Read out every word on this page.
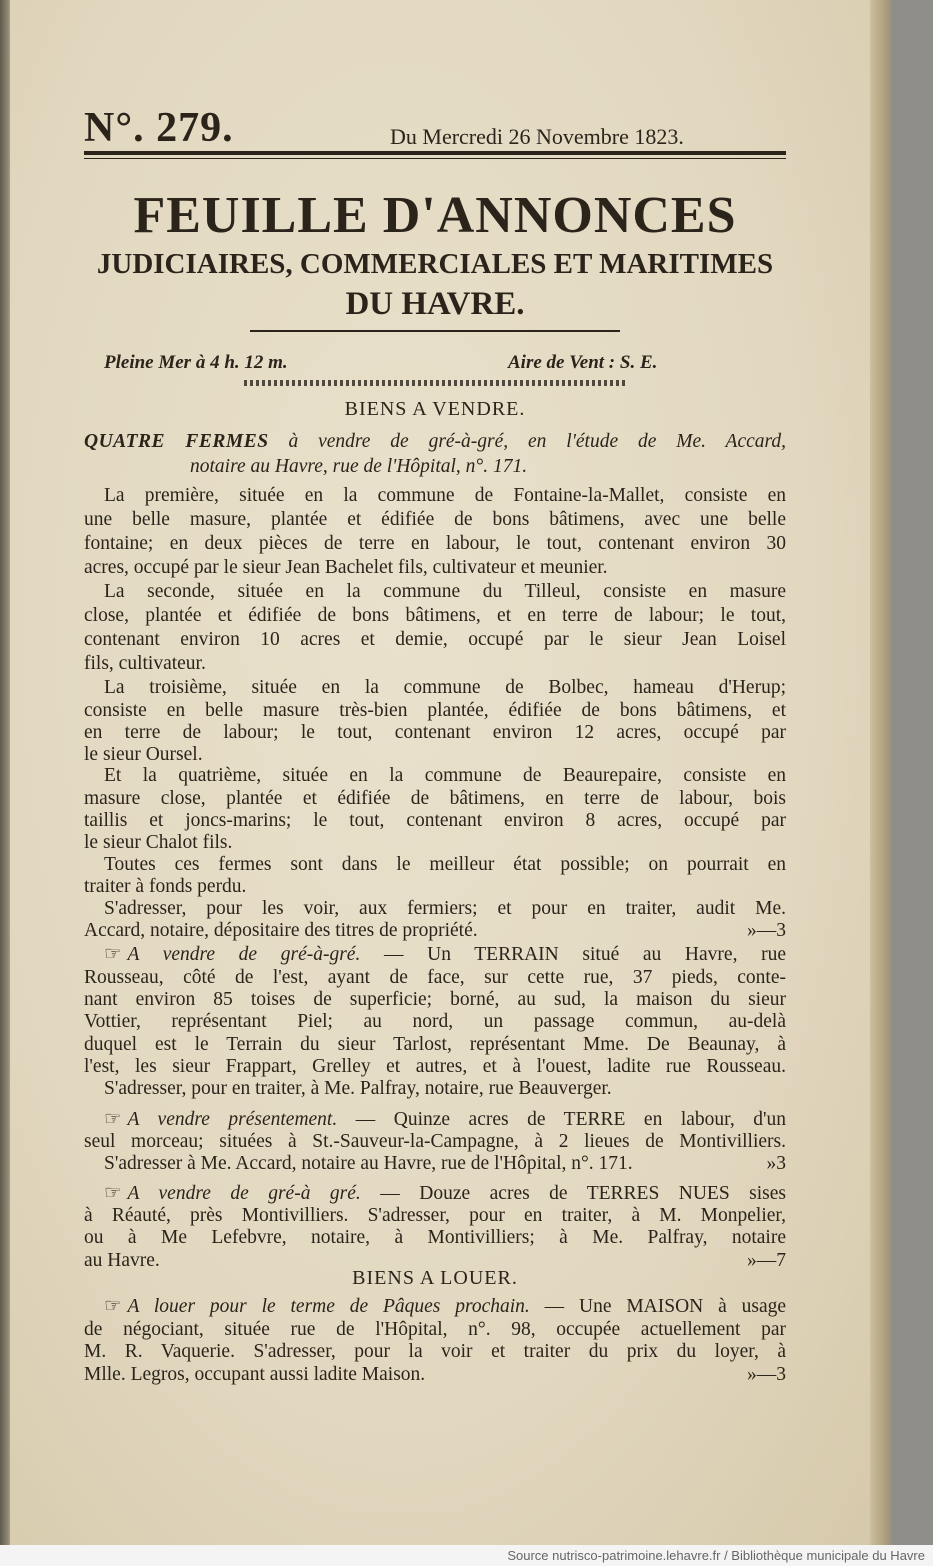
N°. 279.	Du Mercredi 26 Novembre 1823.
FEUILLE D'ANNONCES
JUDICIAIRES, COMMERCIALES ET MARITIMES
DU HAVRE.
Pleine Mer à 4 h. 12 m.	Aire de Vent : S. E.
BIENS A VENDRE.
QUATRE FERMES à vendre de gré-à-gré, en l'étude de Me. Accard,
notaire au Havre, rue de l'Hôpital, n°. 171.
La première, située en la commune de Fontaine-la-Mallet, consiste en
une belle masure, plantée et édifiée de bons bâtimens, avec une belle
fontaine; en deux pièces de terre en labour, le tout, contenant environ 30
acres, occupé par le sieur Jean Bachelet fils, cultivateur et meunier.
La seconde, située en la commune du Tilleul, consiste en masure
close, plantée et édifiée de bons bâtimens, et en terre de labour; le tout,
contenant environ 10 acres et demie, occupé par le sieur Jean Loisel
fils, cultivateur.
La troisième, située en la commune de Bolbec, hameau d'Herup;
consiste en belle masure très-bien plantée, édifiée de bons bâtimens, et
en terre de labour; le tout, contenant environ 12 acres, occupé par
le sieur Oursel.
Et la quatrième, située en la commune de Beaurepaire, consiste en
masure close, plantée et édifiée de bâtimens, en terre de labour, bois
taillis et joncs-marins; le tout, contenant environ 8 acres, occupé par
le sieur Chalot fils.
Toutes ces fermes sont dans le meilleur état possible; on pourrait en
traiter à fonds perdu.
S'adresser, pour les voir, aux fermiers; et pour en traiter, audit Me.
Accard, notaire, dépositaire des titres de propriété.	»—3
☞ A vendre de gré-à-gré. — Un TERRAIN situé au Havre, rue
Rousseau, côté de l'est, ayant de face, sur cette rue, 37 pieds, conte-
nant environ 85 toises de superficie; borné, au sud, la maison du sieur
Vottier, représentant Piel; au nord, un passage commun, au-delà
duquel est le Terrain du sieur Tarlost, représentant Mme. De Beaunay, à
l'est, les sieur Frappart, Grelley et autres, et à l'ouest, ladite rue Rousseau.
S'adresser, pour en traiter, à Me. Palfray, notaire, rue Beauverger.
☞ A vendre présentement. — Quinze acres de TERRE en labour, d'un
seul morceau; situées à St.-Sauveur-la-Campagne, à 2 lieues de Montivilliers.
S'adresser à Me. Accard, notaire au Havre, rue de l'Hôpital, n°. 171.	»3
☞ A vendre de gré-à gré. — Douze acres de TERRES NUES sises
à Réauté, près Montivilliers. S'adresser, pour en traiter, à M. Monpelier,
ou à Me Lefebvre, notaire, à Montivilliers; à Me. Palfray, notaire
au Havre.	»—7
☞ A louer pour le terme de Pâques prochain. — Une MAISON à usage
de négociant, située rue de l'Hôpital, n°. 98, occupée actuellement par
M. R. Vaquerie. S'adresser, pour la voir et traiter du prix du loyer, à
Mlle. Legros, occupant aussi ladite Maison.	»—3
BIENS A LOUER.
Source nutrisco-patrimoine.lehavre.fr / Bibliothèque municipale du Havre
